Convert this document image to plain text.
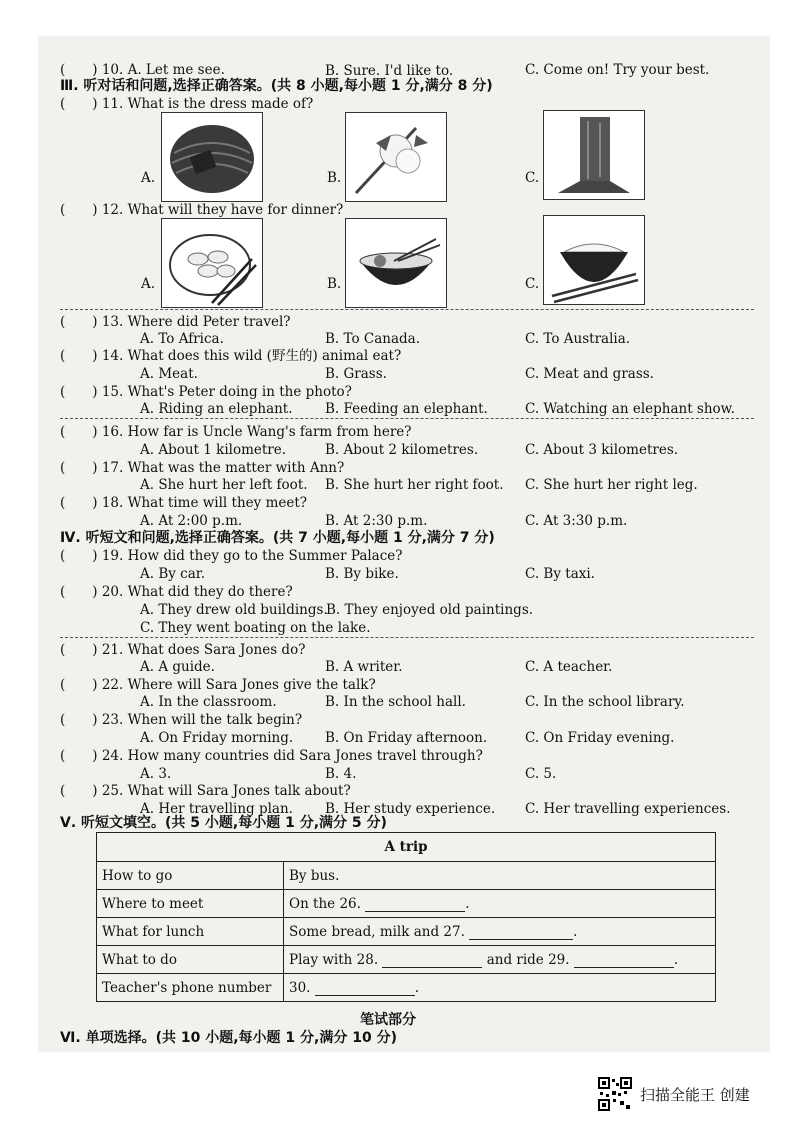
(　　) 10. A. Let me see.	B. Sure. I'd like to.	C. Come on! Try your best.
Ⅲ. 听对话和问题,选择正确答案。(共 8 小题,每小题 1 分,满分 8 分)
(　　) 11. What is the dress made of?
A.	B.	C.
(　　) 12. What will they have for dinner?
A.	B.	C.
(　　) 13. Where did Peter travel?
A. To Africa.	B. To Canada.	C. To Australia.
(　　) 14. What does this wild (野生的) animal eat?
A. Meat.	B. Grass.	C. Meat and grass.
(　　) 15. What's Peter doing in the photo?
A. Riding an elephant. B. Feeding an elephant.	C. Watching an elephant show.
(　　) 16. How far is Uncle Wang's farm from here?
A. About 1 kilometre.	B. About 2 kilometres.	C. About 3 kilometres.
(　　) 17. What was the matter with Ann?
A. She hurt her left foot. B. She hurt her right foot. C. She hurt her right leg.
(　　) 18. What time will they meet?
A. At 2:00 p.m.	B. At 2:30 p.m.	C. At 3:30 p.m.
Ⅳ. 听短文和问题,选择正确答案。(共 7 小题,每小题 1 分,满分 7 分)
(　　) 19. How did they go to the Summer Palace?
A. By car.	B. By bike.	C. By taxi.
(　　) 20. What did they do there?
A. They drew old buildings.
B. They enjoyed old paintings.
C. They went boating on the lake.
(　　) 21. What does Sara Jones do?
A. A guide.	B. A writer.	C. A teacher.
(　　) 22. Where will Sara Jones give the talk?
A. In the classroom.	B. In the school hall.	C. In the school library.
(　　) 23. When will the talk begin?
A. On Friday morning. B. On Friday afternoon.	C. On Friday evening.
(　　) 24. How many countries did Sara Jones travel through?
A. 3.	B. 4.	C. 5.
(　　) 25. What will Sara Jones talk about?
A. Her travelling plan. B. Her study experience. C. Her travelling experiences.
Ⅴ. 听短文填空。(共 5 小题,每小题 1 分,满分 5 分)
A trip	
How to go	By bus.
Where to meet	On the 26. .
What for lunch	Some bread, milk and 27. .
What to do	Play with 28. and ride 29. .
Teacher's phone number	30. .
笔试部分
Ⅵ. 单项选择。(共 10 小题,每小题 1 分,满分 10 分)
扫描全能王 创建
